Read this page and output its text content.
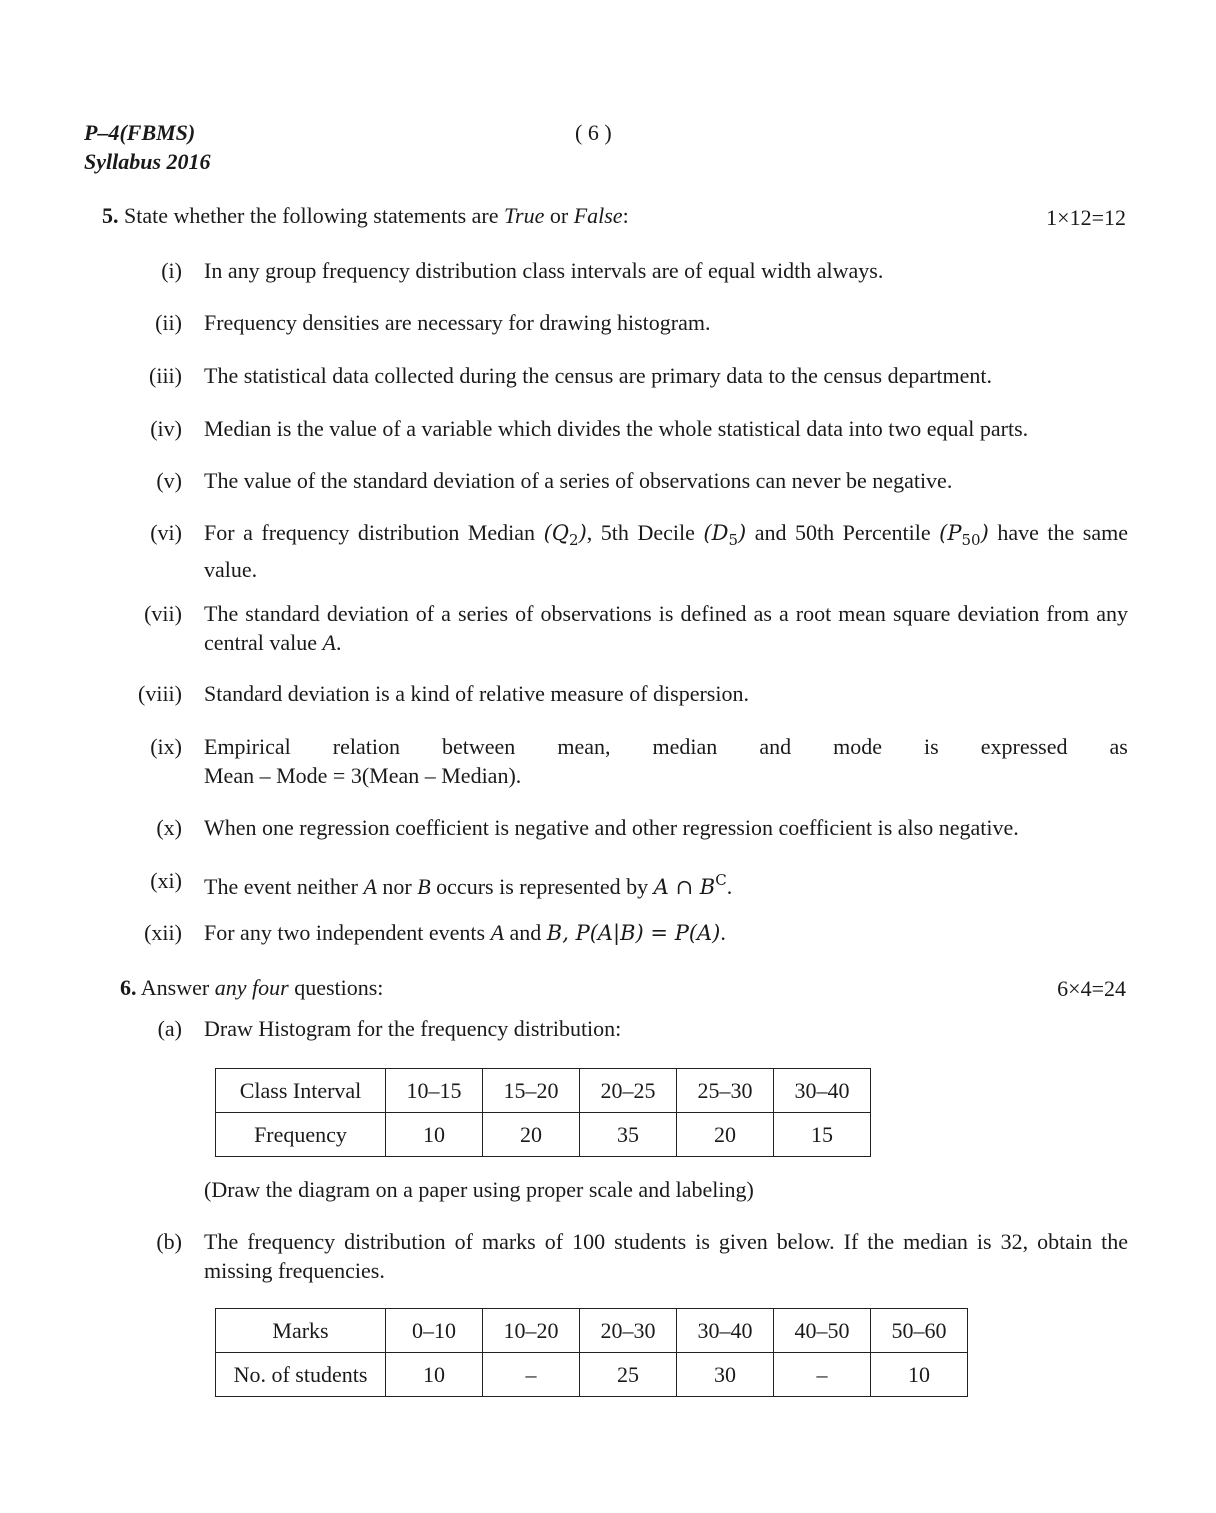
P–4(FBMS)
Syllabus 2016
( 6 )
5. State whether the following statements are True or False:	1×12=12
(i) In any group frequency distribution class intervals are of equal width always.
(ii) Frequency densities are necessary for drawing histogram.
(iii) The statistical data collected during the census are primary data to the census department.
(iv) Median is the value of a variable which divides the whole statistical data into two equal parts.
(v) The value of the standard deviation of a series of observations can never be negative.
(vi) For a frequency distribution Median $(Q_2)$, 5th Decile $(D_5)$ and 50th Percentile $(P_{50})$ have the same value.
(vii) The standard deviation of a series of observations is defined as a root mean square deviation from any central value A.
(viii) Standard deviation is a kind of relative measure of dispersion.
(ix) Empirical relation between mean, median and mode is expressed as
Mean – Mode = 3(Mean – Median).
(x) When one regression coefficient is negative and other regression coefficient is also negative.
(xi) The event neither A nor B occurs is represented by A ∩ $B^C$.
(xii) For any two independent events A and B, P(A|B) = P(A).
6. Answer any four questions:	6×4=24
(a) Draw Histogram for the frequency distribution:
Class Interval	10–15	15–20	20–25	25–30	30–40
Frequency	10	20	35	20	15
(Draw the diagram on a paper using proper scale and labeling)
(b) The frequency distribution of marks of 100 students is given below. If the median is 32, obtain the missing frequencies.
Marks	0–10	10–20	20–30	30–40	40–50	50–60
No. of students	10	–	25	30	–	10
